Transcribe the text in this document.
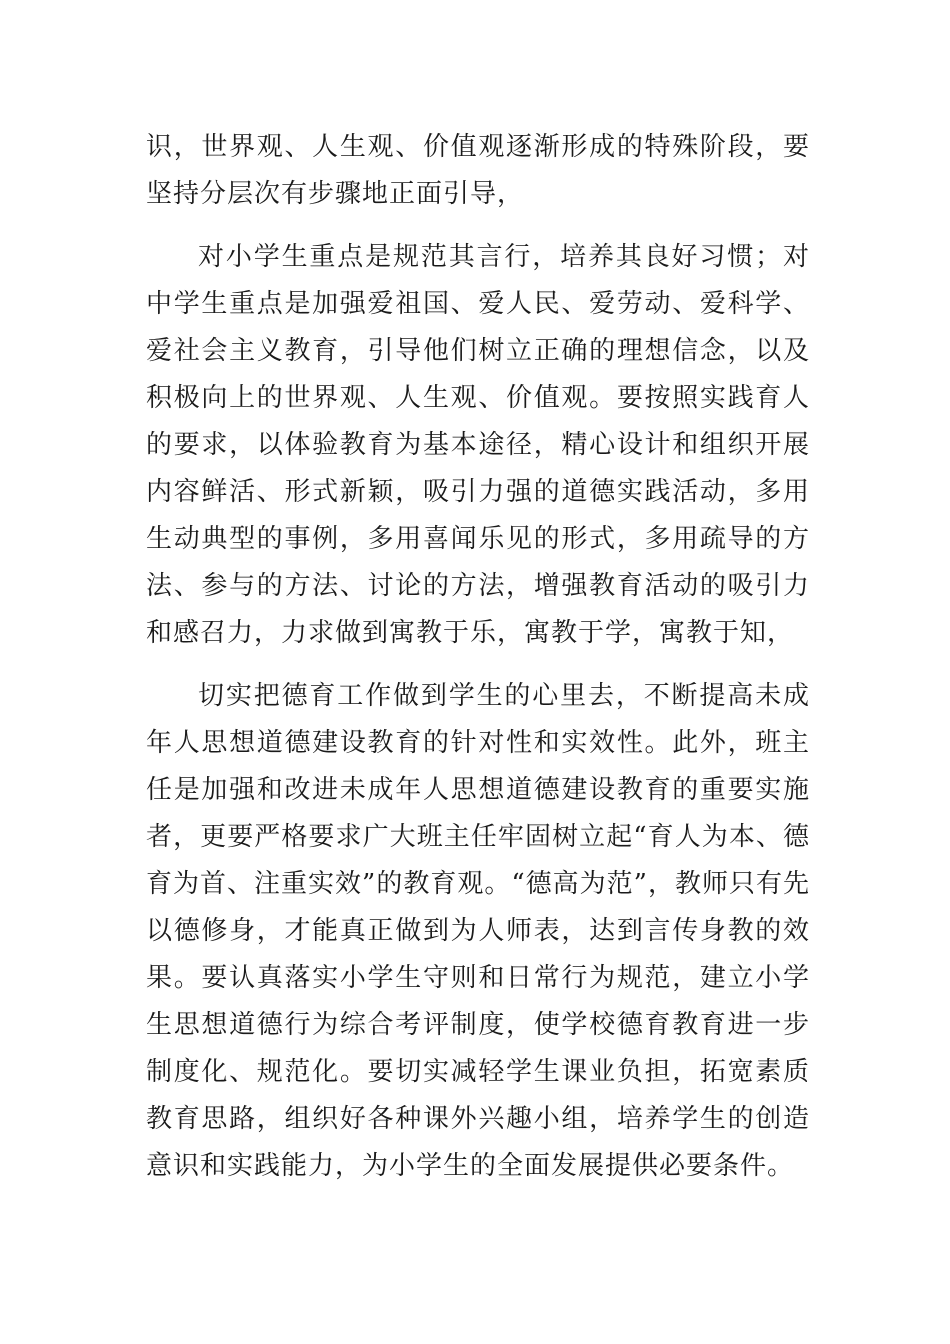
识，世界观、人生观、价值观逐渐形成的特殊阶段，要坚持分层次有步骤地正面引导，

对小学生重点是规范其言行，培养其良好习惯；对中学生重点是加强爱祖国、爱人民、爱劳动、爱科学、爱社会主义教育，引导他们树立正确的理想信念，以及积极向上的世界观、人生观、价值观。要按照实践育人的要求，以体验教育为基本途径，精心设计和组织开展内容鲜活、形式新颖，吸引力强的道德实践活动，多用生动典型的事例，多用喜闻乐见的形式，多用疏导的方法、参与的方法、讨论的方法，增强教育活动的吸引力和感召力，力求做到寓教于乐，寓教于学，寓教于知，

切实把德育工作做到学生的心里去，不断提高未成年人思想道德建设教育的针对性和实效性。此外，班主任是加强和改进未成年人思想道德建设教育的重要实施者，更要严格要求广大班主任牢固树立起“育人为本、德育为首、注重实效”的教育观。“德高为范”，教师只有先以德修身，才能真正做到为人师表，达到言传身教的效果。要认真落实小学生守则和日常行为规范，建立小学生思想道德行为综合考评制度，使学校德育教育进一步制度化、规范化。要切实减轻学生课业负担，拓宽素质教育思路，组织好各种课外兴趣小组，培养学生的创造意识和实践能力，为小学生的全面发展提供必要条件。
